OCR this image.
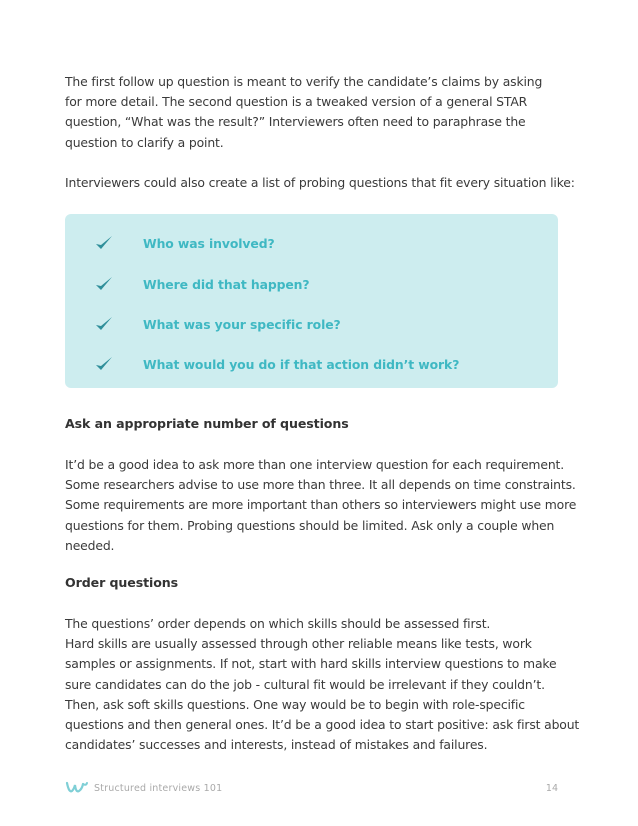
The first follow up question is meant to verify the candidate’s claims by asking
for more detail. The second question is a tweaked version of a general STAR
question, “What was the result?” Interviewers often need to paraphrase the
question to clarify a point.

Interviewers could also create a list of probing questions that fit every situation like:

Who was involved?
Where did that happen?
What was your specific role?
What would you do if that action didn’t work?
Ask an appropriate number of questions

It’d be a good idea to ask more than one interview question for each requirement.
Some researchers advise to use more than three. It all depends on time constraints.
Some requirements are more important than others so interviewers might use more
questions for them. Probing questions should be limited. Ask only a couple when
needed.

Order questions

The questions’ order depends on which skills should be assessed first.
Hard skills are usually assessed through other reliable means like tests, work
samples or assignments. If not, start with hard skills interview questions to make
sure candidates can do the job - cultural fit would be irrelevant if they couldn’t.
Then, ask soft skills questions. One way would be to begin with role-specific
questions and then general ones. It’d be a good idea to start positive: ask first about
candidates’ successes and interests, instead of mistakes and failures.

Structured interviews 101	14
